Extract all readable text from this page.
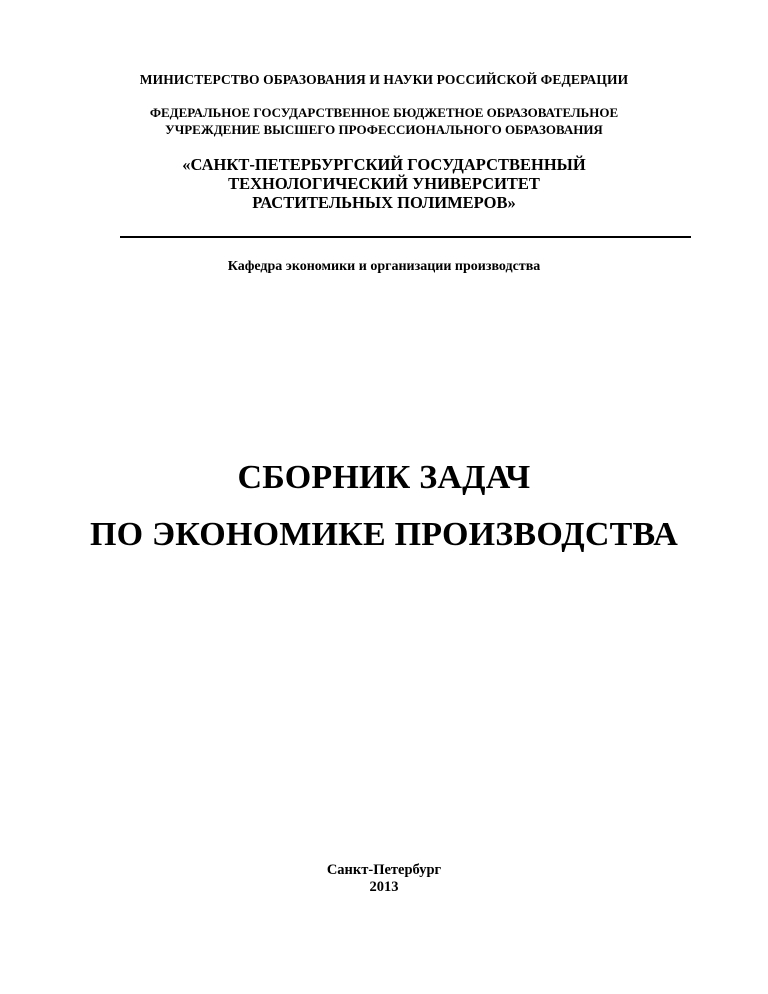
МИНИСТЕРСТВО ОБРАЗОВАНИЯ И НАУКИ РОССИЙСКОЙ ФЕДЕРАЦИИ
ФЕДЕРАЛЬНОЕ ГОСУДАРСТВЕННОЕ БЮДЖЕТНОЕ ОБРАЗОВАТЕЛЬНОЕ
УЧРЕЖДЕНИЕ ВЫСШЕГО ПРОФЕССИОНАЛЬНОГО ОБРАЗОВАНИЯ
«САНКТ-ПЕТЕРБУРГСКИЙ ГОСУДАРСТВЕННЫЙ
ТЕХНОЛОГИЧЕСКИЙ УНИВЕРСИТЕТ
РАСТИТЕЛЬНЫХ ПОЛИМЕРОВ»
Кафедра экономики и организации производства
СБОРНИК ЗАДАЧ
ПО ЭКОНОМИКЕ ПРОИЗВОДСТВА
Санкт-Петербург
2013
